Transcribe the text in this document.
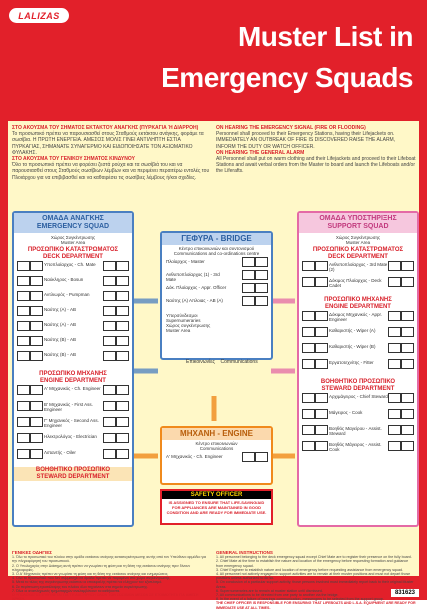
LALIZAS
Muster List in
Emergency Squads
ΣΤΟ ΑΚΟΥΣΜΑ ΤΟΥ ΣΗΜΑΤΟΣ ΕΚΤΑΚΤΟΥ ΑΝΑΓΚΗΣ (ΠΥΡΚΑΓΙΑ Ή ΔΙΑΡΡΟΗ)
Το προσωπικό πρέπει να παρουσιασθεί στους Σταθμούς εκτάκτου ανάγκης, φοράμε τα σωσίβια. Η ΠΡΩΤΗ ΕΝΕΡΓΕΙΑ. ΑΜΕΣΟΣ ΜΟΛΙΣ ΓΙΝΕΙ ΑΝΤΙΛΗΠΤΗ ΕΣΤΙΑ ΠΥΡΚΑΓΙΑΣ, ΣΗΜΑΝΑΤΕ ΣΥΝΑΓΕΡΜΟ ΚΑΙ ΕΙΔΟΠΟΙΗΣΑΤΕ ΤΟΝ ΑΞΙΩΜΑΤΙΚΟ ΦΥΛΑΚΗΣ.
ΣΤΟ ΑΚΟΥΣΜΑ ΤΟΥ ΓΕΝΙΚΟΥ ΣΗΜΑΤΟΣ ΚΙΝΔΥΝΟΥ
Όλο το προσωπικό πρέπει να φορέσει ζεστά ρούχα και τα σωσίβιά του και να παρουσιασθεί στους Σταθμούς σωσίβιων λέμβων και να περιμένει περαιτέρω εντολές του Πλοιάρχου για να επιβιβασθεί και να καθαιρέσει τις σωσίβιες λέμβους ή/και σχεδίες.
ON HEARING THE EMERGENCY SIGNAL (FIRE OR FLOODING)
Personnel shall proceed to their Emergency Stations, having their Lifejackets on. IMMEDIATELY AN OUTBREAK OF FIRE IS DISCOVERED RAISE THE ALARM, INFORM THE DUTY OR WATCH OFFICER.
ON HEARING THE GENERAL ALARM
All Personnel shall put on warm clothing and their Lifejackets and proceed to their Lifeboat Stations and await verbal orders from the Master to board and launch the Lifeboats and/or the Liferafts.
ΟΜΑΔΑ ΑΝΑΓΚΗΣ
EMERGENCY SQUAD
Χώρος Συγκέντρωσης
Muster Area
ΠΡΟΣΩΠΙΚΟ ΚΑΤΑΣΤΡΩΜΑΤΟΣ
DECK DEPARTMENT
Υποπλοίαρχος - Ch. Mate
Ναύκληρος - Bosun
Αντλιωρός - Pumpman
Ναύτης (Α) - AB
Ναύτης (Α) - AB
Ναύτης (Β) - AB
Ναύτης (Β) - AB
ΠΡΟΣΩΠΙΚΟ ΜΗΧΑΝΗΣ
ENGINE DEPARTMENT
Α' Μηχανικός - Ch. Engineer
Β' Μηχανικός - First Ass. Engineer
Γ' Μηχανικός - Second Ass. Engineer
Ηλεκτρολόγος - Electrician
Λιπαντής - Oiler
ΒΟΗΘΗΤΙΚΟ ΠΡΟΣΩΠΙΚΟ
STEWARD DEPARTMENT
ΟΜΑΔΑ ΥΠΟΣΤΗΡΙΞΗΣ
SUPPORT SQUAD
Χώρος Συγκέντρωσης
Muster Area
ΠΡΟΣΩΠΙΚΟ ΚΑΤΑΣΤΡΩΜΑΤΟΣ
DECK DEPARTMENT
Ανθυποπλοίαρχος - 3rd Mate (2)
Δόκιμος Πλοίαρχος - Deck Cadet
ΠΡΟΣΩΠΙΚΟ ΜΗΧΑΝΗΣ
ENGINE DEPARTMENT
Δόκιμος Μηχανικός - Appr. Engineer
Καθαριστής - Wiper (A)
Καθαριστής - Wiper (B)
Εργατοτεχνίτης - Fitter
ΒΟΗΘΗΤΙΚΟ ΠΡΟΣΩΠΙΚΟ
STEWARD DEPARTMENT
Αρχιμάγειρος - Chief Steward
Μάγειρος - Cook
Βοηθός Μαγείρου - Assist. Steward
Βοηθός Μάγειρος - Assist. Cook
ΓΕΦΥΡΑ - BRIDGE
Κέντρο επικοινωνιών και συντονισμού
Communications and co-ordinations centre
Πλοίαρχος - Master
Ανθυποπλοίαρχος (1) - 3rd Mate
Δόκ. Πλοίαρχος - Appr. Officer
Ναύτης (Α) Απλοιας - AB (A)
Υπερσύνδεσμοι
Supernumeraries
Χώρος συγκέντρωσης
Muster Area
ΜΗΧΑΝΗ - ENGINE
Κέντρο επικοινωνιών
Communications
Α' Μηχανικός - Ch. Engineer
Επικοινωνίες Communications
SAFETY OFFICER
IS ASSIGNED TO ENSURE THAT LIFE-SAVING/AID FOR APPLIANCES ARE MAINTAINED IN GOOD CONDITION AND ARE READY FOR IMMEDIATE USE.
ΓΕΝΙΚΕΣ ΟΔΗΓΙΕΣ
1. Όλο το προσωπικό του πλοίου στην ομάδα εκτάκτου ανάγκης κατασυγκέντρωσης αυτής από τον Υπεύθυνο αρμόδιο για την πληροφόρησή του προσωπικού.
2. Ο Υπολοχαγός στην Διάσημη αυτή πρέπει να γνωρίσει τη φύση και τη θέση της εκτάκτου ανάγκης πριν δίνουν πληροφορίες.
3. Ο Α' Μηχανικός πρέπει να γνωρίσει τη φύση και τη θέση της εκτάκτου ανάγκης και ενημερώσεις.
4. Όλο το προσωπικό που δεν συμμετέχει σε ομάδα πρέπει να παραμένει στο χώρο συγκέντρωσης.
5. Μετά το τέλος της συγκέντρωσης εκάστου οι επικεφαλής πρέπει να ελέγχουν τον εξοπλισμό.
6. Σε περίπτωση εγκατάλειψης του πλοίου όλοι πηγαίνουν στα σημεία συγκέντρωσης.
7. Όλοι οι αναπληρωτές τμηματαρχών αναλαμβάνουν τα καθήκοντα.
Ο ΥΠΟΛΟΧΑΓΟΣ ΕΥΘΥΝΕΤΑΙ ΓΙΑ ΤΗ ΔΙΑΤΗΡΗΣΗ ΟΛΩΝ ΤΩΝ ΣΩΣΙΒΙΩΝ ΜΕΣΩΝ ΣΕ ΕΤΟΙΜΟΤΗΤΑ ΓΙΑ ΑΜΕΣΗ ΧΡΗΣΗ.
GENERAL INSTRUCTIONS
1. All personnel belonging to the deck emergency squad except Chief Mate are to register their presence on the fully board.
2. Chief Mate at the time to establish the nature and location of the emergency before requesting formation and guidance from emergency squad.
3. Chief Engineer to establish nature and location of emergency before requesting assistance from emergency squad.
4. All personnel not actively engaged in support activities are to remain at their muster positions and must not depart those positions unless authorized to do so.
5. On conclusion of a particular support activity, those persons involved must immediately report back to their original Muster Areas.
6. Supernumeraries are to remain at muster station until dismissed.
7. All communications to be directed from one party to another via the bridge.
8. In the event of a failure of bearings communication, messengers to be selected from the support group.
THE CHIEF OFFICER IS RESPONSIBLE FOR ENSURING THAT LIFEBOATS AND L.S.A. EQUIPMENT ARE READY FOR IMMEDIATE USE AT ALL TIMES.
831623
